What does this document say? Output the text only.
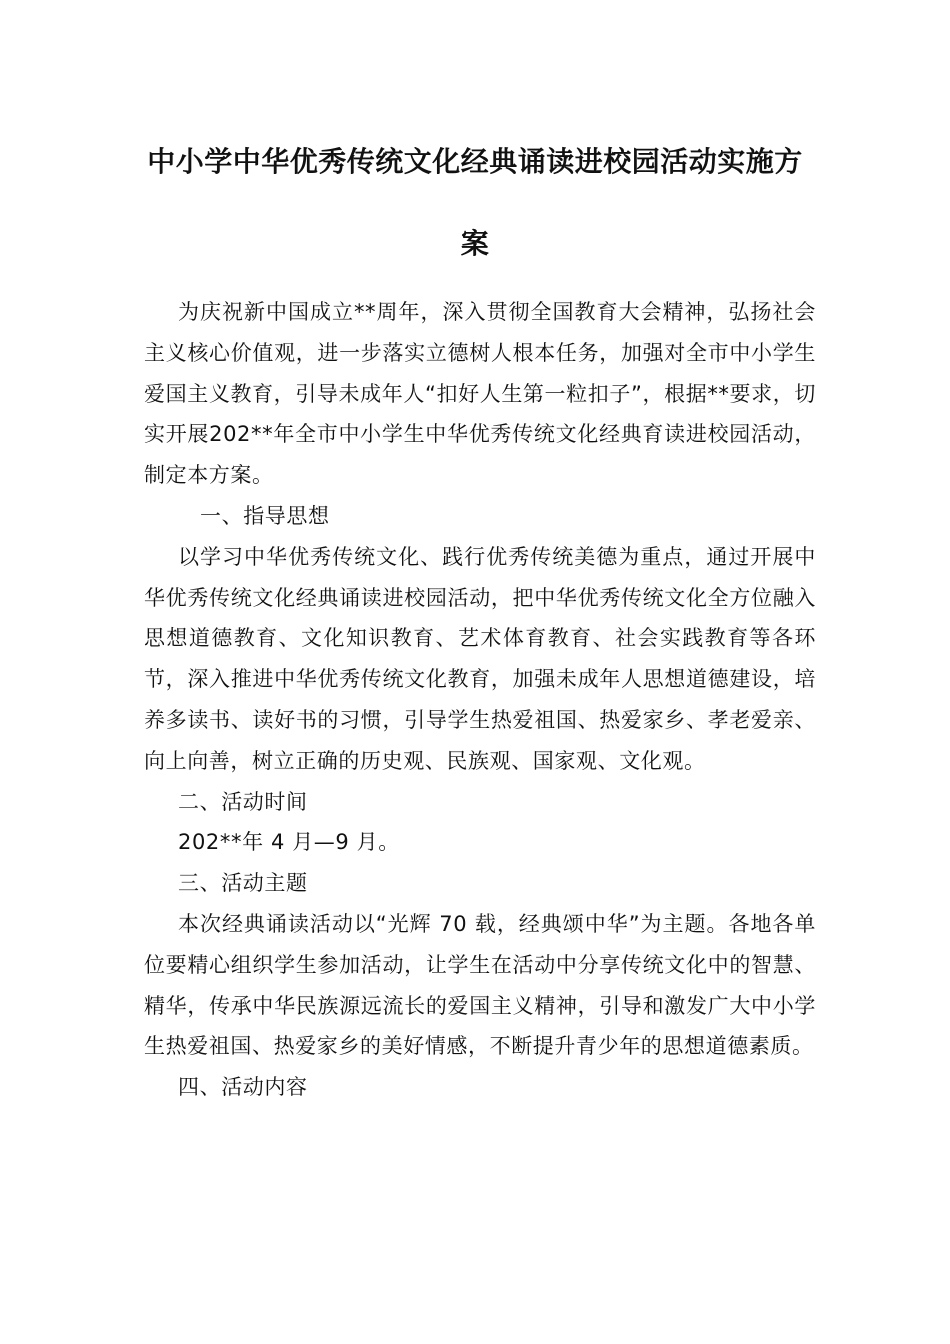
中小学中华优秀传统文化经典诵读进校园活动实施方
案

为庆祝新中国成立**周年，深入贯彻全国教育大会精神，弘扬社会主义核心价值观，进一步落实立德树人根本任务，加强对全市中小学生爱国主义教育，引导未成年人“扣好人生第一粒扣子”，根据**要求，切实开展202**年全市中小学生中华优秀传统文化经典育读进校园活动，制定本方案。

一、指导思想

以学习中华优秀传统文化、践行优秀传统美德为重点，通过开展中华优秀传统文化经典诵读进校园活动，把中华优秀传统文化全方位融入思想道德教育、文化知识教育、艺术体育教育、社会实践教育等各环节，深入推进中华优秀传统文化教育，加强未成年人思想道德建设，培养多读书、读好书的习惯，引导学生热爱祖国、热爱家乡、孝老爱亲、向上向善，树立正确的历史观、民族观、国家观、文化观。

二、活动时间

202**年 4 月—9 月。

三、活动主题

本次经典诵读活动以“光辉 70 载，经典颂中华”为主题。各地各单位要精心组织学生参加活动，让学生在活动中分享传统文化中的智慧、精华，传承中华民族源远流长的爱国主义精神，引导和激发广大中小学生热爱祖国、热爱家乡的美好情感，不断提升青少年的思想道德素质。

四、活动内容
